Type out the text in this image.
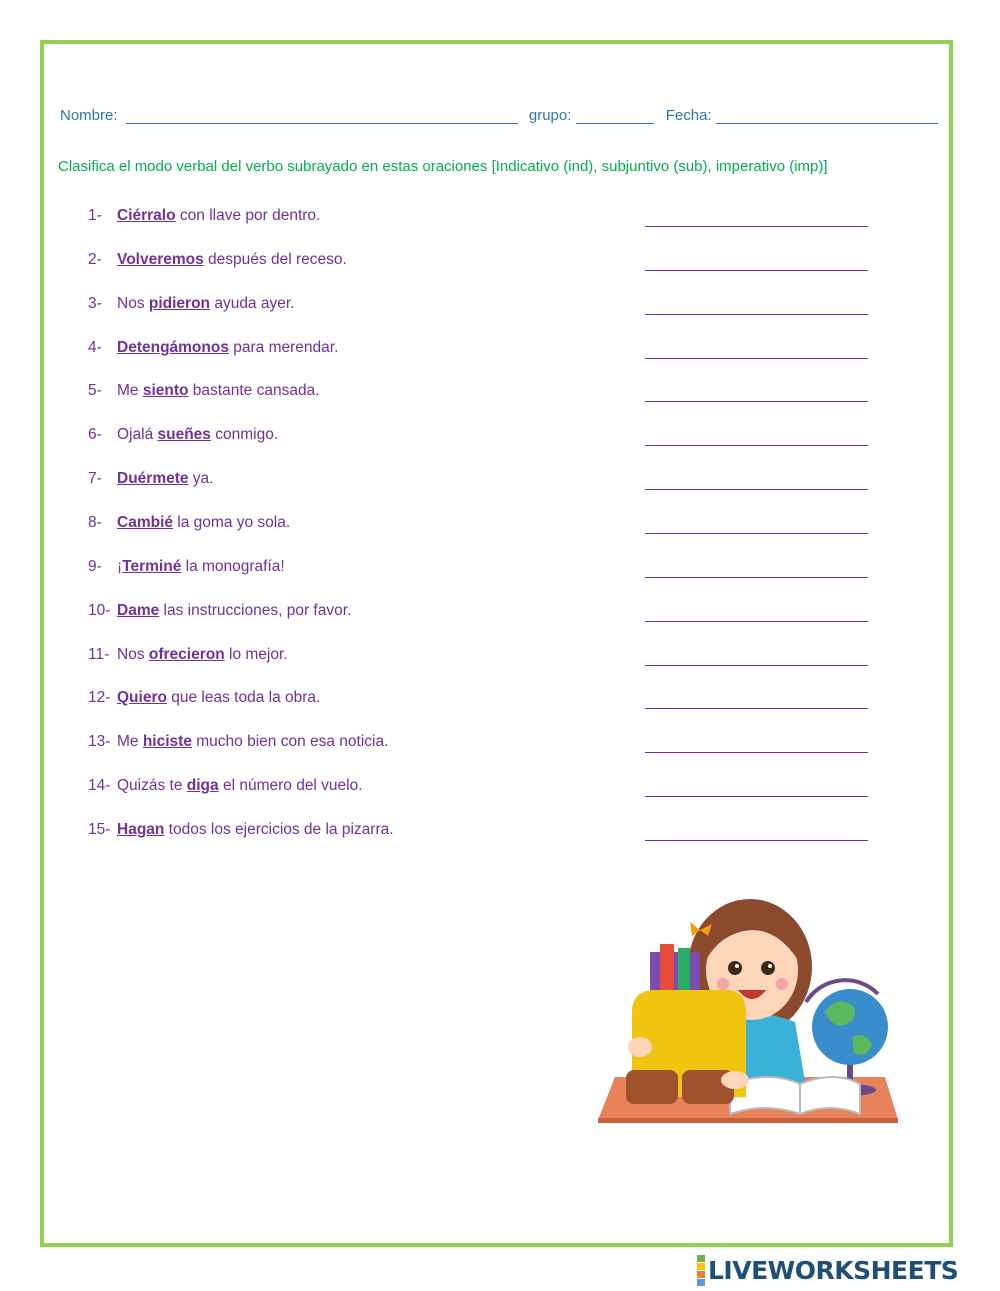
Nombre:	grupo:	Fecha:
Clasifica el modo verbal del verbo subrayado en estas oraciones [Indicativo (ind), subjuntivo (sub), imperativo (imp)]
1- Ciérralo con llave por dentro.
2- Volveremos después del receso.
3- Nos pidieron ayuda ayer.
4- Detengámonos para merendar.
5- Me siento bastante cansada.
6- Ojalá sueñes conmigo.
7- Duérmete ya.
8- Cambié la goma yo sola.
9- ¡Terminé la monografía!
10- Dame las instrucciones, por favor.
11- Nos ofrecieron lo mejor.
12- Quiero que leas toda la obra.
13- Me hiciste mucho bien con esa noticia.
14- Quizás te diga el número del vuelo.
15- Hagan todos los ejercicios de la pizarra.
LIVEWORKSHEETS
